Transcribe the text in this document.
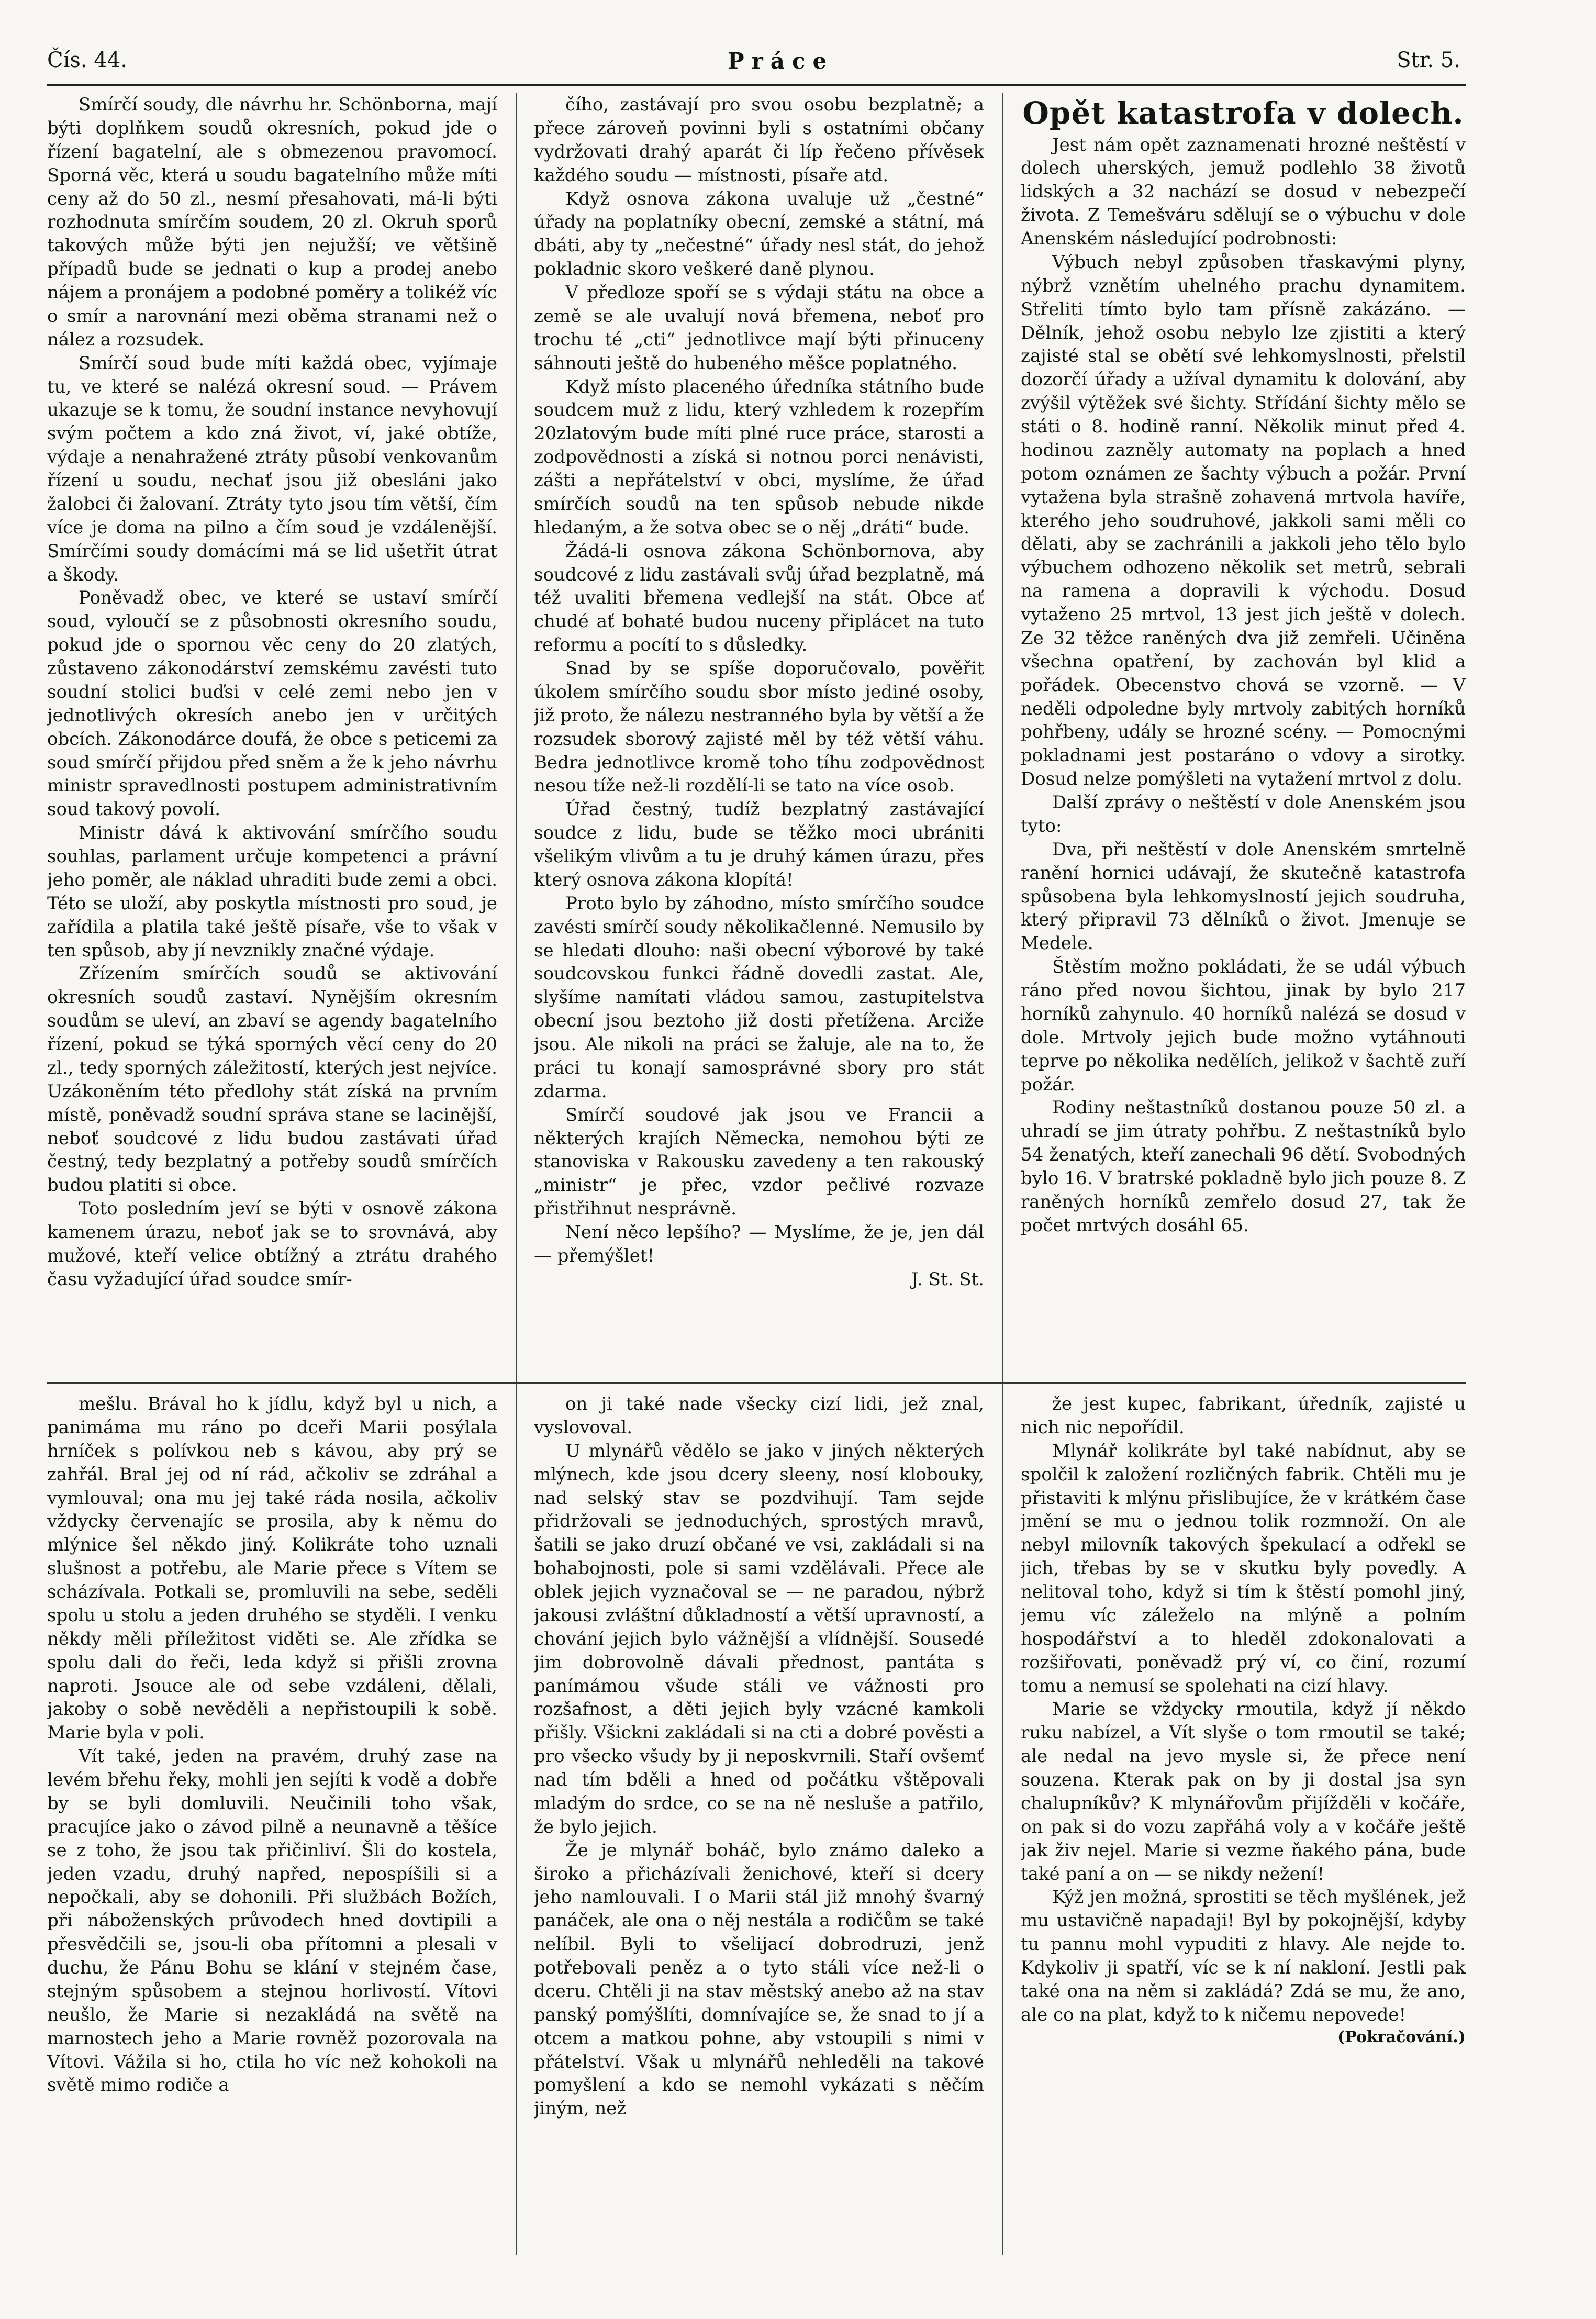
Čís. 44.	Práce	Str. 5.

Smírčí soudy, dle návrhu hr. Schönborna, mají býti doplňkem soudů okresních, pokud jde o řízení bagatelní, ale s obmezenou pravomocí. Sporná věc, která u soudu bagatelního může míti ceny až do 50 zl., nesmí přesahovati, má-li býti rozhodnuta smírčím soudem, 20 zl. Okruh sporů takových může býti jen nejužší; ve většině případů bude se jednati o kup a prodej anebo nájem a pronájem a podobné poměry a tolikéž víc o smír a narovnání mezi oběma stranami než o nález a rozsudek.

Smírčí soud bude míti každá obec, vyjímaje tu, ve které se nalézá okresní soud. — Právem ukazuje se k tomu, že soudní instance nevyhovují svým počtem a kdo zná život, ví, jaké obtíže, výdaje a nenahražené ztráty působí venkovanům řízení u soudu, nechať jsou již obesláni jako žalobci či žalovaní. Ztráty tyto jsou tím větší, čím více je doma na pilno a čím soud je vzdálenější. Smírčími soudy domácími má se lid ušetřit útrat a škody.

Poněvadž obec, ve které se ustaví smírčí soud, vyloučí se z působnosti okresního soudu, pokud jde o spornou věc ceny do 20 zlatých, zůstaveno zákonodárství zemskému zavésti tuto soudní stolici buďsi v celé zemi nebo jen v jednotlivých okresích anebo jen v určitých obcích. Zákonodárce doufá, že obce s peticemi za soud smírčí přijdou před sněm a že k jeho návrhu ministr spravedlnosti postupem administrativním soud takový povolí.

Ministr dává k aktivování smírčího soudu souhlas, parlament určuje kompetenci a právní jeho poměr, ale náklad uhraditi bude zemi a obci. Této se uloží, aby poskytla místnosti pro soud, je zařídila a platila také ještě písaře, vše to však v ten spůsob, aby jí nevznikly značné výdaje.

Zřízením smírčích soudů se aktivování okresních soudů zastaví. Nynějším okresním soudům se uleví, an zbaví se agendy bagatelního řízení, pokud se týká sporných věcí ceny do 20 zl., tedy sporných záležitostí, kterých jest nejvíce. Uzákoněním této předlohy stát získá na prvním místě, poněvadž soudní správa stane se lacinější, neboť soudcové z lidu budou zastávati úřad čestný, tedy bezplatný a potřeby soudů smírčích budou platiti si obce.

Toto posledním jeví se býti v osnově zákona kamenem úrazu, neboť jak se to srovnává, aby mužové, kteří velice obtížný a ztrátu drahého času vyžadující úřad soudce smír-

čího, zastávají pro svou osobu bezplatně; a přece zároveň povinni byli s ostatními občany vydržovati drahý aparát či líp řečeno přívěsek každého soudu — místnosti, písaře atd.

Když osnova zákona uvaluje už „čestné“ úřady na poplatníky obecní, zemské a státní, má dbáti, aby ty „nečestné“ úřady nesl stát, do jehož pokladnic skoro veškeré daně plynou.

V předloze spoří se s výdaji státu na obce a země se ale uvalují nová břemena, neboť pro trochu té „cti“ jednotlivce mají býti přinuceny sáhnouti ještě do hubeného měšce poplatného.

Když místo placeného úředníka státního bude soudcem muž z lidu, který vzhledem k rozepřím 20zlatovým bude míti plné ruce práce, starosti a zodpovědnosti a získá si notnou porci nenávisti, zášti a nepřátelství v obci, myslíme, že úřad smírčích soudů na ten spůsob nebude nikde hledaným, a že sotva obec se o něj „dráti“ bude.

Žádá-li osnova zákona Schönbornova, aby soudcové z lidu zastávali svůj úřad bezplatně, má též uvaliti břemena vedlejší na stát. Obce ať chudé ať bohaté budou nuceny připlácet na tuto reformu a pocítí to s důsledky.

Snad by se spíše doporučovalo, pověřit úkolem smírčího soudu sbor místo jediné osoby, již proto, že nálezu nestranného byla by větší a že rozsudek sborový zajisté měl by též větší váhu. Bedra jednotlivce kromě toho tíhu zodpovědnost nesou tíže než-li rozdělí-li se tato na více osob.

Úřad čestný, tudíž bezplatný zastávající soudce z lidu, bude se těžko moci ubrániti všelikým vlivům a tu je druhý kámen úrazu, přes který osnova zákona klopítá!

Proto bylo by záhodno, místo smírčího soudce zavésti smírčí soudy několikačlenné. Nemusilo by se hledati dlouho: naši obecní výborové by také soudcovskou funkci řádně dovedli zastat. Ale, slyšíme namítati vládou samou, zastupitelstva obecní jsou beztoho již dosti přetížena. Arciže jsou. Ale nikoli na práci se žaluje, ale na to, že práci tu konají samosprávné sbory pro stát zdarma.

Smírčí soudové jak jsou ve Francii a některých krajích Německa, nemohou býti ze stanoviska v Rakousku zavedeny a ten rakouský „ministr“ je přec, vzdor pečlivé rozvaze přistřihnut nesprávně.

Není něco lepšího? — Myslíme, že je, jen dál — přemýšlet!

J. St. St.

Opět katastrofa v dolech.

Jest nám opět zaznamenati hrozné neštěstí v dolech uherských, jemuž podlehlo 38 životů lidských a 32 nachází se dosud v nebezpečí života. Z Temešváru sdělují se o výbuchu v dole Anenském následující podrobnosti:

Výbuch nebyl způsoben třaskavými plyny, nýbrž vznětím uhelného prachu dynamitem. Střeliti tímto bylo tam přísně zakázáno. — Dělník, jehož osobu nebylo lze zjistiti a který zajisté stal se obětí své lehkomyslnosti, přelstil dozorčí úřady a užíval dynamitu k dolování, aby zvýšil výtěžek své šichty. Střídání šichty mělo se státi o 8. hodině ranní. Několik minut před 4. hodinou zazněly automaty na poplach a hned potom oznámen ze šachty výbuch a požár. První vytažena byla strašně zohavená mrtvola havíře, kterého jeho soudruhové, jakkoli sami měli co dělati, aby se zachránili a jakkoli jeho tělo bylo výbuchem odhozeno několik set metrů, sebrali na ramena a dopravili k východu. Dosud vytaženo 25 mrtvol, 13 jest jich ještě v dolech. Ze 32 těžce raněných dva již zemřeli. Učiněna všechna opatření, by zachován byl klid a pořádek. Obecenstvo chová se vzorně. — V neděli odpoledne byly mrtvoly zabitých horníků pohřbeny, udály se hrozné scény. — Pomocnými pokladnami jest postaráno o vdovy a sirotky. Dosud nelze pomýšleti na vytažení mrtvol z dolu.

Další zprávy o neštěstí v dole Anenském jsou tyto:

Dva, při neštěstí v dole Anenském smrtelně ranění hornici udávají, že skutečně katastrofa spůsobena byla lehkomyslností jejich soudruha, který připravil 73 dělníků o život. Jmenuje se Medele.

Štěstím možno pokládati, že se udál výbuch ráno před novou šichtou, jinak by bylo 217 horníků zahynulo. 40 horníků nalézá se dosud v dole. Mrtvoly jejich bude možno vytáhnouti teprve po několika nedělích, jelikož v šachtě zuří požár.

Rodiny neštastníků dostanou pouze 50 zl. a uhradí se jim útraty pohřbu. Z neštastníků bylo 54 ženatých, kteří zanechali 96 dětí. Svobodných bylo 16. V bratrské pokladně bylo jich pouze 8. Z raněných horníků zemřelo dosud 27, tak že počet mrtvých dosáhl 65.

mešlu. Brával ho k jídlu, když byl u nich, a panimáma mu ráno po dceři Marii posýlala hrníček s polívkou neb s kávou, aby prý se zahřál. Bral jej od ní rád, ačkoliv se zdráhal a vymlouval; ona mu jej také ráda nosila, ačkoliv vždycky červenajíc se prosila, aby k němu do mlýnice šel někdo jiný. Kolikráte toho uznali slušnost a potřebu, ale Marie přece s Vítem se scházívala. Potkali se, promluvili na sebe, seděli spolu u stolu a jeden druhého se styděli. I venku někdy měli příležitost viděti se. Ale zřídka se spolu dali do řeči, leda když si přišli zrovna naproti. Jsouce ale od sebe vzdáleni, dělali, jakoby o sobě nevěděli a nepřistoupili k sobě. Marie byla v poli.

Vít také, jeden na pravém, druhý zase na levém břehu řeky, mohli jen sejíti k vodě a dobře by se byli domluvili. Neučinili toho však, pracujíce jako o závod pilně a neunavně a těšíce se z toho, že jsou tak přičinliví. Šli do kostela, jeden vzadu, druhý napřed, nepospíšili si a nepočkali, aby se dohonili. Při službách Božích, při náboženských průvodech hned dovtipili a přesvědčili se, jsou-li oba přítomni a plesali v duchu, že Pánu Bohu se klání v stejném čase, stejným spůsobem a stejnou horlivostí. Vítovi neušlo, že Marie si nezakládá na světě na marnostech jeho a Marie rovněž pozorovala na Vítovi. Vážila si ho, ctila ho víc než kohokoli na světě mimo rodiče a

on ji také nade všecky cizí lidi, jež znal, vyslovoval.

U mlynářů vědělo se jako v jiných některých mlýnech, kde jsou dcery sleeny, nosí klobouky, nad selský stav se pozdvihují. Tam sejde přidržovali se jednoduchých, sprostých mravů, šatili se jako druzí občané ve vsi, zakládali si na bohabojnosti, pole si sami vzdělávali. Přece ale oblek jejich vyznačoval se — ne paradou, nýbrž jakousi zvláštní důkladností a větší upravností, a chování jejich bylo vážnější a vlídnější. Sousedé jim dobrovolně dávali přednost, pantáta s panímámou všude stáli ve vážnosti pro rozšafnost, a děti jejich byly vzácné kamkoli přišly. Všickni zakládali si na cti a dobré pověsti a pro všecko všudy by ji neposkvrnili. Staří ovšemť nad tím bděli a hned od počátku vštěpovali mladým do srdce, co se na ně nesluše a patřilo, že bylo jejich.

Že je mlynář boháč, bylo známo daleko a široko a přicházívali ženichové, kteří si dcery jeho namlouvali. I o Marii stál již mnohý švarný panáček, ale ona o něj nestála a rodičům se také nelíbil. Byli to všelijací dobrodruzi, jenž potřebovali peněz a o tyto stáli více než-li o dceru. Chtěli ji na stav městský anebo až na stav panský pomýšlíti, domnívajíce se, že snad to jí a otcem a matkou pohne, aby vstoupili s nimi v přátelství. Však u mlynářů nehleděli na takové pomyšlení a kdo se nemohl vykázati s něčím jiným, než

že jest kupec, fabrikant, úředník, zajisté u nich nic nepořídil.

Mlynář kolikráte byl také nabídnut, aby se spolčil k založení rozličných fabrik. Chtěli mu je přistaviti k mlýnu přislibujíce, že v krátkém čase jmění se mu o jednou tolik rozmnoží. On ale nebyl milovník takových špekulací a odřekl se jich, třebas by se v skutku byly povedly. A nelitoval toho, když si tím k štěstí pomohl jiný, jemu víc záleželo na mlýně a polním hospodářství a to hleděl zdokonalovati a rozšiřovati, poněvadž prý ví, co činí, rozumí tomu a nemusí se spolehati na cizí hlavy.

Marie se vždycky rmoutila, když jí někdo ruku nabízel, a Vít slyše o tom rmoutil se také; ale nedal na jevo mysle si, že přece není souzena. Kterak pak on by ji dostal jsa syn chalupníkův? K mlynářovům přijížděli v kočáře, on pak si do vozu zapřáhá voly a v kočáře ještě jak živ nejel. Marie si vezme ňakého pána, bude také paní a on — se nikdy nežení!

Kýž jen možná, sprostiti se těch myšlének, jež mu ustavičně napadaji! Byl by pokojnější, kdyby tu pannu mohl vypuditi z hlavy. Ale nejde to. Kdykoliv ji spatří, víc se k ní nakloní. Jestli pak také ona na něm si zakládá? Zdá se mu, že ano, ale co na plat, když to k ničemu nepovede!

(Pokračování.)
